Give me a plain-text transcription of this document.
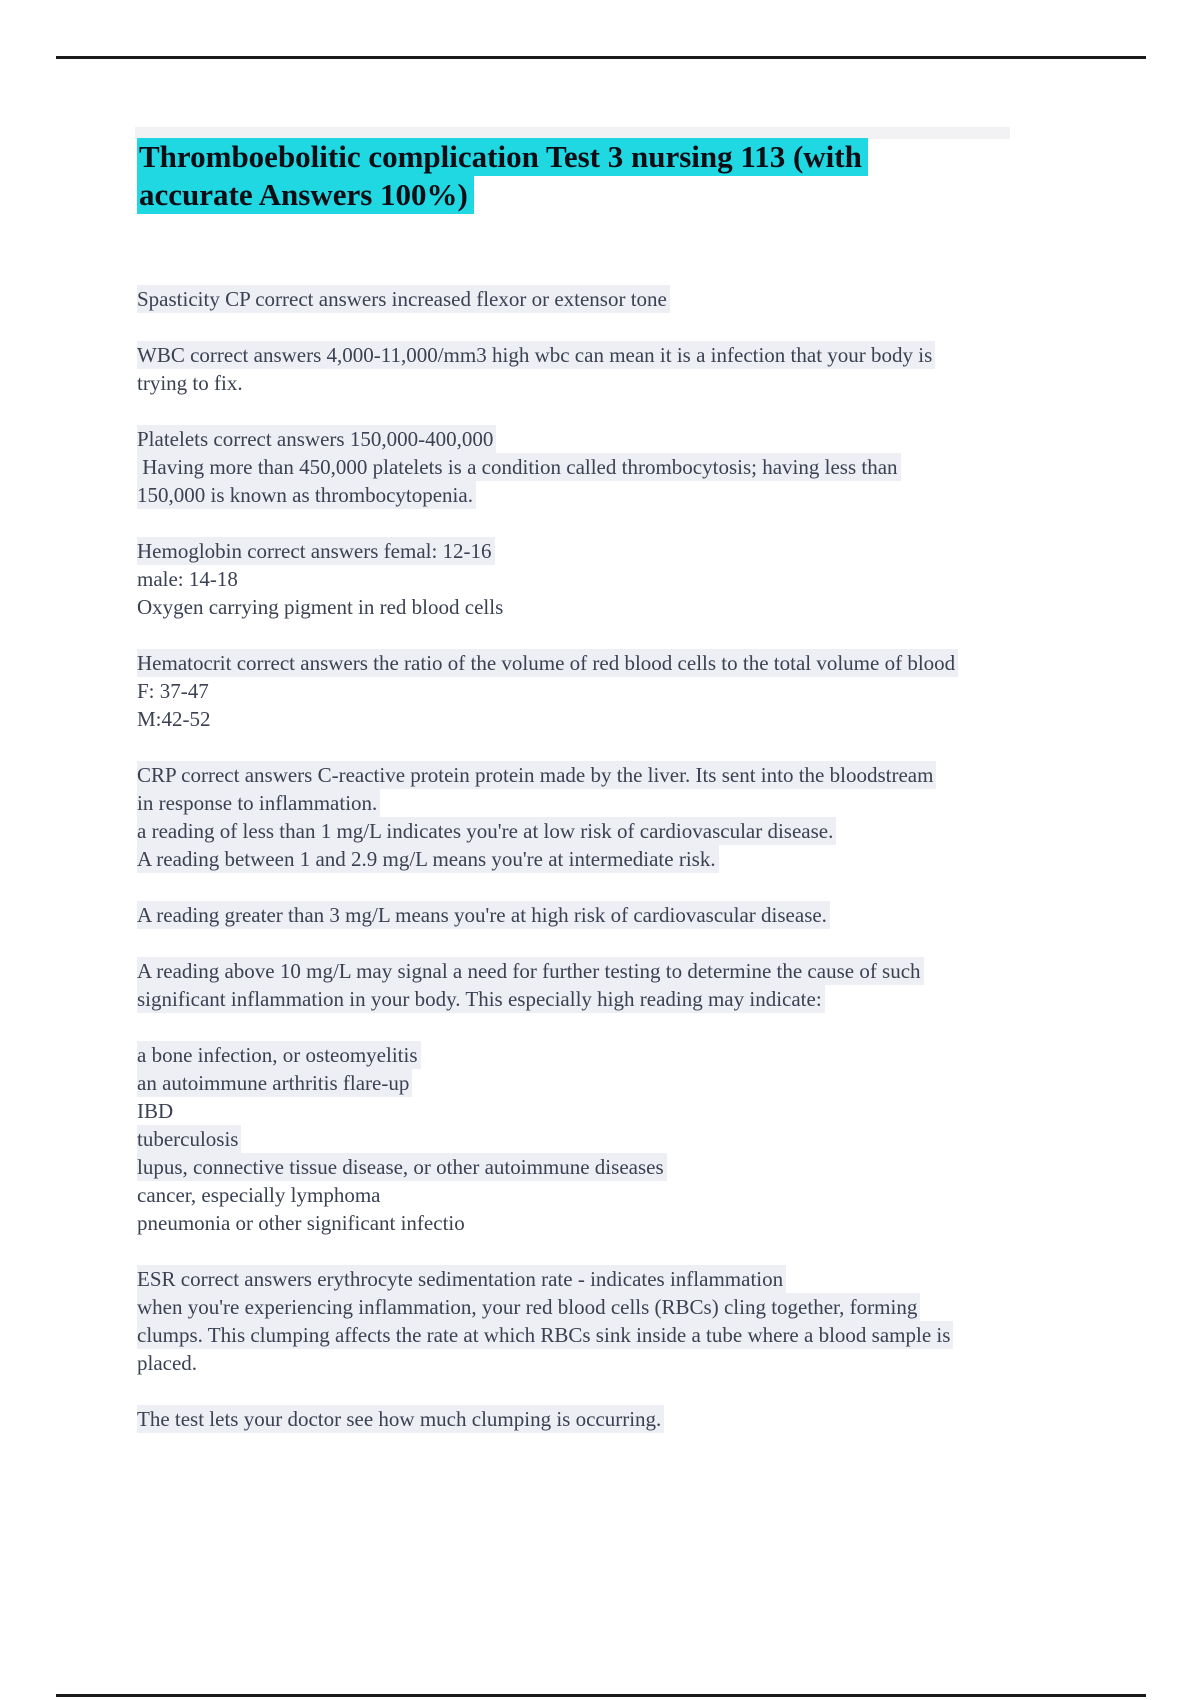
Thromboebolitic complication Test 3 nursing 113 (with
accurate Answers 100%)
Spasticity CP correct answers increased flexor or extensor tone
WBC correct answers 4,000-11,000/mm3 high wbc can mean it is a infection that your body is
trying to fix.
Platelets correct answers 150,000-400,000
Having more than 450,000 platelets is a condition called thrombocytosis; having less than
150,000 is known as thrombocytopenia.
Hemoglobin correct answers femal: 12-16
male: 14-18
Oxygen carrying pigment in red blood cells
Hematocrit correct answers the ratio of the volume of red blood cells to the total volume of blood
F: 37-47
M:42-52
CRP correct answers C-reactive protein protein made by the liver. Its sent into the bloodstream
in response to inflammation.
a reading of less than 1 mg/L indicates you're at low risk of cardiovascular disease.
A reading between 1 and 2.9 mg/L means you're at intermediate risk.
A reading greater than 3 mg/L means you're at high risk of cardiovascular disease.
A reading above 10 mg/L may signal a need for further testing to determine the cause of such
significant inflammation in your body. This especially high reading may indicate:
a bone infection, or osteomyelitis
an autoimmune arthritis flare-up
IBD
tuberculosis
lupus, connective tissue disease, or other autoimmune diseases
cancer, especially lymphoma
pneumonia or other significant infectio
ESR correct answers erythrocyte sedimentation rate - indicates inflammation
when you're experiencing inflammation, your red blood cells (RBCs) cling together, forming
clumps. This clumping affects the rate at which RBCs sink inside a tube where a blood sample is
placed.
The test lets your doctor see how much clumping is occurring.
